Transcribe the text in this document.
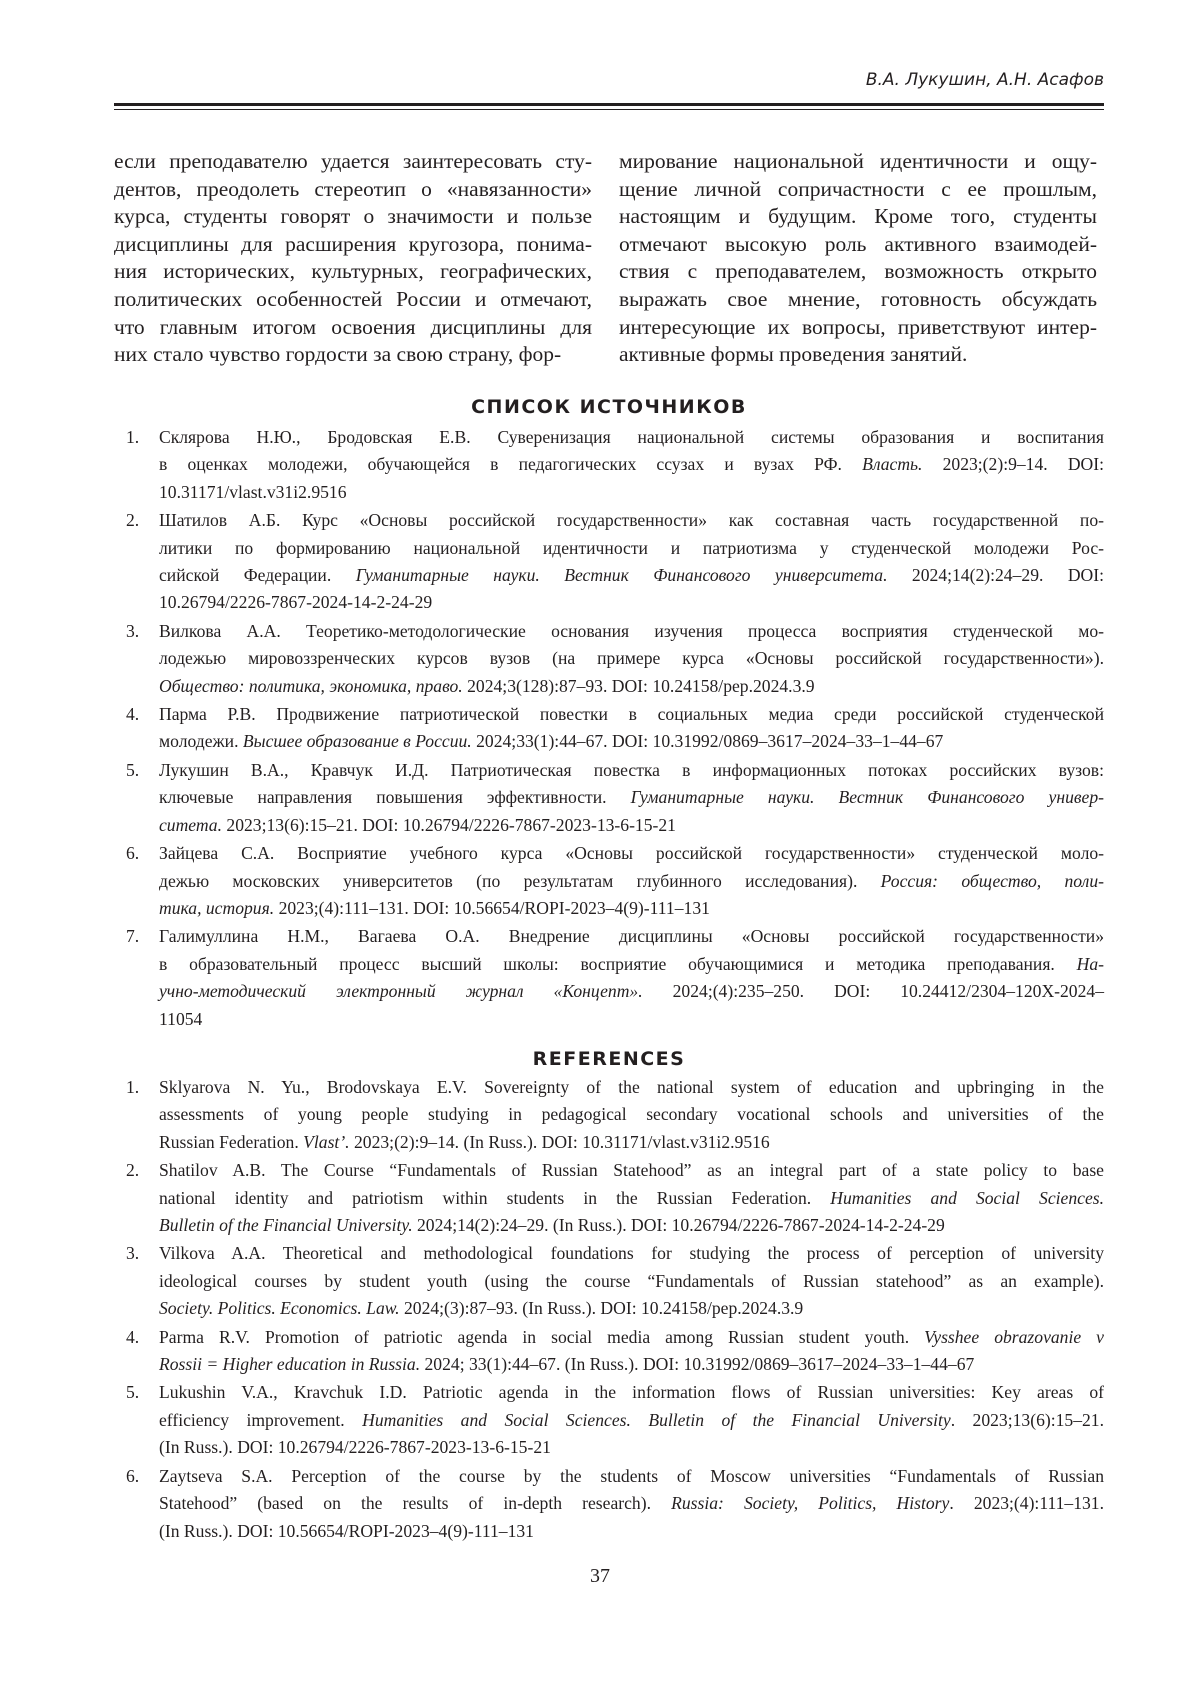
В.А. Лукушин, А.Н. Асафов
если преподавателю удается заинтересовать сту-
дентов, преодолеть стереотип о «навязанности»
курса, студенты говорят о значимости и пользе
дисциплины для расширения кругозора, понима-
ния исторических, культурных, географических,
политических особенностей России и отмечают,
что главным итогом освоения дисциплины для
них стало чувство гордости за свою страну, фор-
мирование национальной идентичности и ощу-
щение личной сопричастности с ее прошлым,
настоящим и будущим. Кроме того, студенты
отмечают высокую роль активного взаимодей-
ствия с преподавателем, возможность открыто
выражать свое мнение, готовность обсуждать
интересующие их вопросы, приветствуют интер-
активные формы проведения занятий.
СПИСОК ИСТОЧНИКОВ
1. Склярова Н.Ю., Бродовская Е.В. Суверенизация национальной системы образования и воспитания
в оценках молодежи, обучающейся в педагогических ссузах и вузах РФ. Власть. 2023;(2):9–14. DOI:
10.31171/vlast.v31i2.9516
2. Шатилов А.Б. Курс «Основы российской государственности» как составная часть государственной по-
литики по формированию национальной идентичности и патриотизма у студенческой молодежи Рос-
сийской Федерации. Гуманитарные науки. Вестник Финансового университета. 2024;14(2):24–29. DOI:
10.26794/2226-7867-2024-14-2-24-29
3. Вилкова А.А. Теоретико-методологические основания изучения процесса восприятия студенческой мо-
лодежью мировоззренческих курсов вузов (на примере курса «Основы российской государственности»).
Общество: политика, экономика, право. 2024;3(128):87–93. DOI: 10.24158/pep.2024.3.9
4. Парма Р.В. Продвижение патриотической повестки в социальных медиа среди российской студенческой
молодежи. Высшее образование в России. 2024;33(1):44–67. DOI: 10.31992/0869–3617–2024–33–1–44–67
5. Лукушин В.А., Кравчук И.Д. Патриотическая повестка в информационных потоках российских вузов:
ключевые направления повышения эффективности. Гуманитарные науки. Вестник Финансового универ-
ситета. 2023;13(6):15–21. DOI: 10.26794/2226-7867-2023-13-6-15-21
6. Зайцева С.А. Восприятие учебного курса «Основы российской государственности» студенческой моло-
дежью московских университетов (по результатам глубинного исследования). Россия: общество, поли-
тика, история. 2023;(4):111–131. DOI: 10.56654/ROPI-2023–4(9)-111–131
7. Галимуллина Н.М., Вагаева О.А. Внедрение дисциплины «Основы российской государственности»
в образовательный процесс высший школы: восприятие обучающимися и методика преподавания. На-
учно-методический электронный журнал «Концепт». 2024;(4):235–250. DOI: 10.24412/2304–120X-2024–
11054
REFERENCES
1. Sklyarova N. Yu., Brodovskaya E.V. Sovereignty of the national system of education and upbringing in the
assessments of young people studying in pedagogical secondary vocational schools and universities of the
Russian Federation. Vlast’. 2023;(2):9–14. (In Russ.). DOI: 10.31171/vlast.v31i2.9516
2. Shatilov A.B. The Course “Fundamentals of Russian Statehood” as an integral part of a state policy to base
national identity and patriotism within students in the Russian Federation. Humanities and Social Sciences.
Bulletin of the Financial University. 2024;14(2):24–29. (In Russ.). DOI: 10.26794/2226-7867-2024-14-2-24-29
3. Vilkova A.A. Theoretical and methodological foundations for studying the process of perception of university
ideological courses by student youth (using the course “Fundamentals of Russian statehood” as an example).
Society. Politics. Economics. Law. 2024;(3):87–93. (In Russ.). DOI: 10.24158/pep.2024.3.9
4. Parma R.V. Promotion of patriotic agenda in social media among Russian student youth. Vysshee obrazovanie v
Rossii = Higher education in Russia. 2024; 33(1):44–67. (In Russ.). DOI: 10.31992/0869–3617–2024–33–1–44–67
5. Lukushin V.A., Kravchuk I.D. Patriotic agenda in the information flows of Russian universities: Key areas of
efficiency improvement. Humanities and Social Sciences. Bulletin of the Financial University. 2023;13(6):15–21.
(In Russ.). DOI: 10.26794/2226-7867-2023-13-6-15-21
6. Zaytseva S.A. Perception of the course by the students of Moscow universities “Fundamentals of Russian
Statehood” (based on the results of in-depth research). Russia: Society, Politics, History. 2023;(4):111–131.
(In Russ.). DOI: 10.56654/ROPI-2023–4(9)-111–131
37
